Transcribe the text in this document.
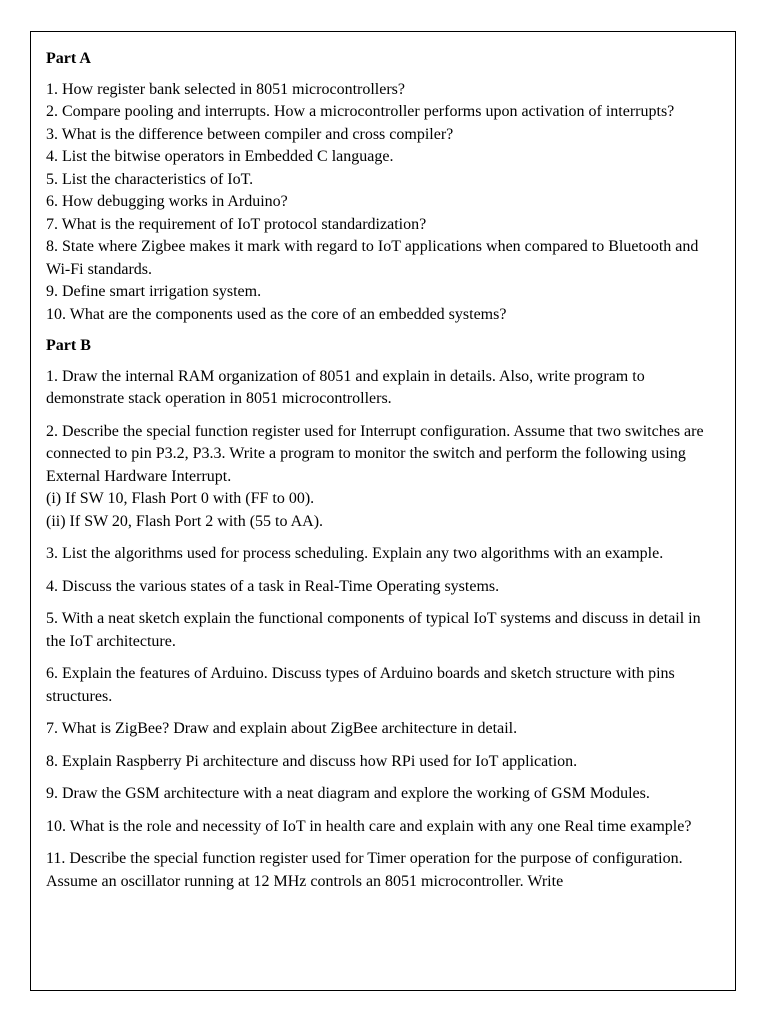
Part A
1. How register bank selected in 8051 microcontrollers?
2. Compare pooling and interrupts. How a microcontroller performs upon activation of interrupts?
3. What is the difference between compiler and cross compiler?
4. List the bitwise operators in Embedded C language.
5. List the characteristics of IoT.
6. How debugging works in Arduino?
7. What is the requirement of IoT protocol standardization?
8. State where Zigbee makes it mark with regard to IoT applications when compared to Bluetooth and Wi-Fi standards.
9. Define smart irrigation system.
10. What are the components used as the core of an embedded systems?
Part B
1. Draw the internal RAM organization of 8051 and explain in details. Also, write program to demonstrate stack operation in 8051 microcontrollers.
2. Describe the special function register used for Interrupt configuration. Assume that two switches are connected to pin P3.2, P3.3. Write a program to monitor the switch and perform the following using External Hardware Interrupt.
(i) If SW 10, Flash Port 0 with (FF to 00).
(ii) If SW 20, Flash Port 2 with (55 to AA).
3. List the algorithms used for process scheduling. Explain any two algorithms with an example.
4. Discuss the various states of a task in Real-Time Operating systems.
5. With a neat sketch explain the functional components of typical IoT systems and discuss in detail in the IoT architecture.
6. Explain the features of Arduino. Discuss types of Arduino boards and sketch structure with pins structures.
7. What is ZigBee? Draw and explain about ZigBee architecture in detail.
8. Explain Raspberry Pi architecture and discuss how RPi used for IoT application.
9. Draw the GSM architecture with a neat diagram and explore the working of GSM Modules.
10. What is the role and necessity of IoT in health care and explain with any one Real time example?
11. Describe the special function register used for Timer operation for the purpose of configuration. Assume an oscillator running at 12 MHz controls an 8051 microcontroller. Write
